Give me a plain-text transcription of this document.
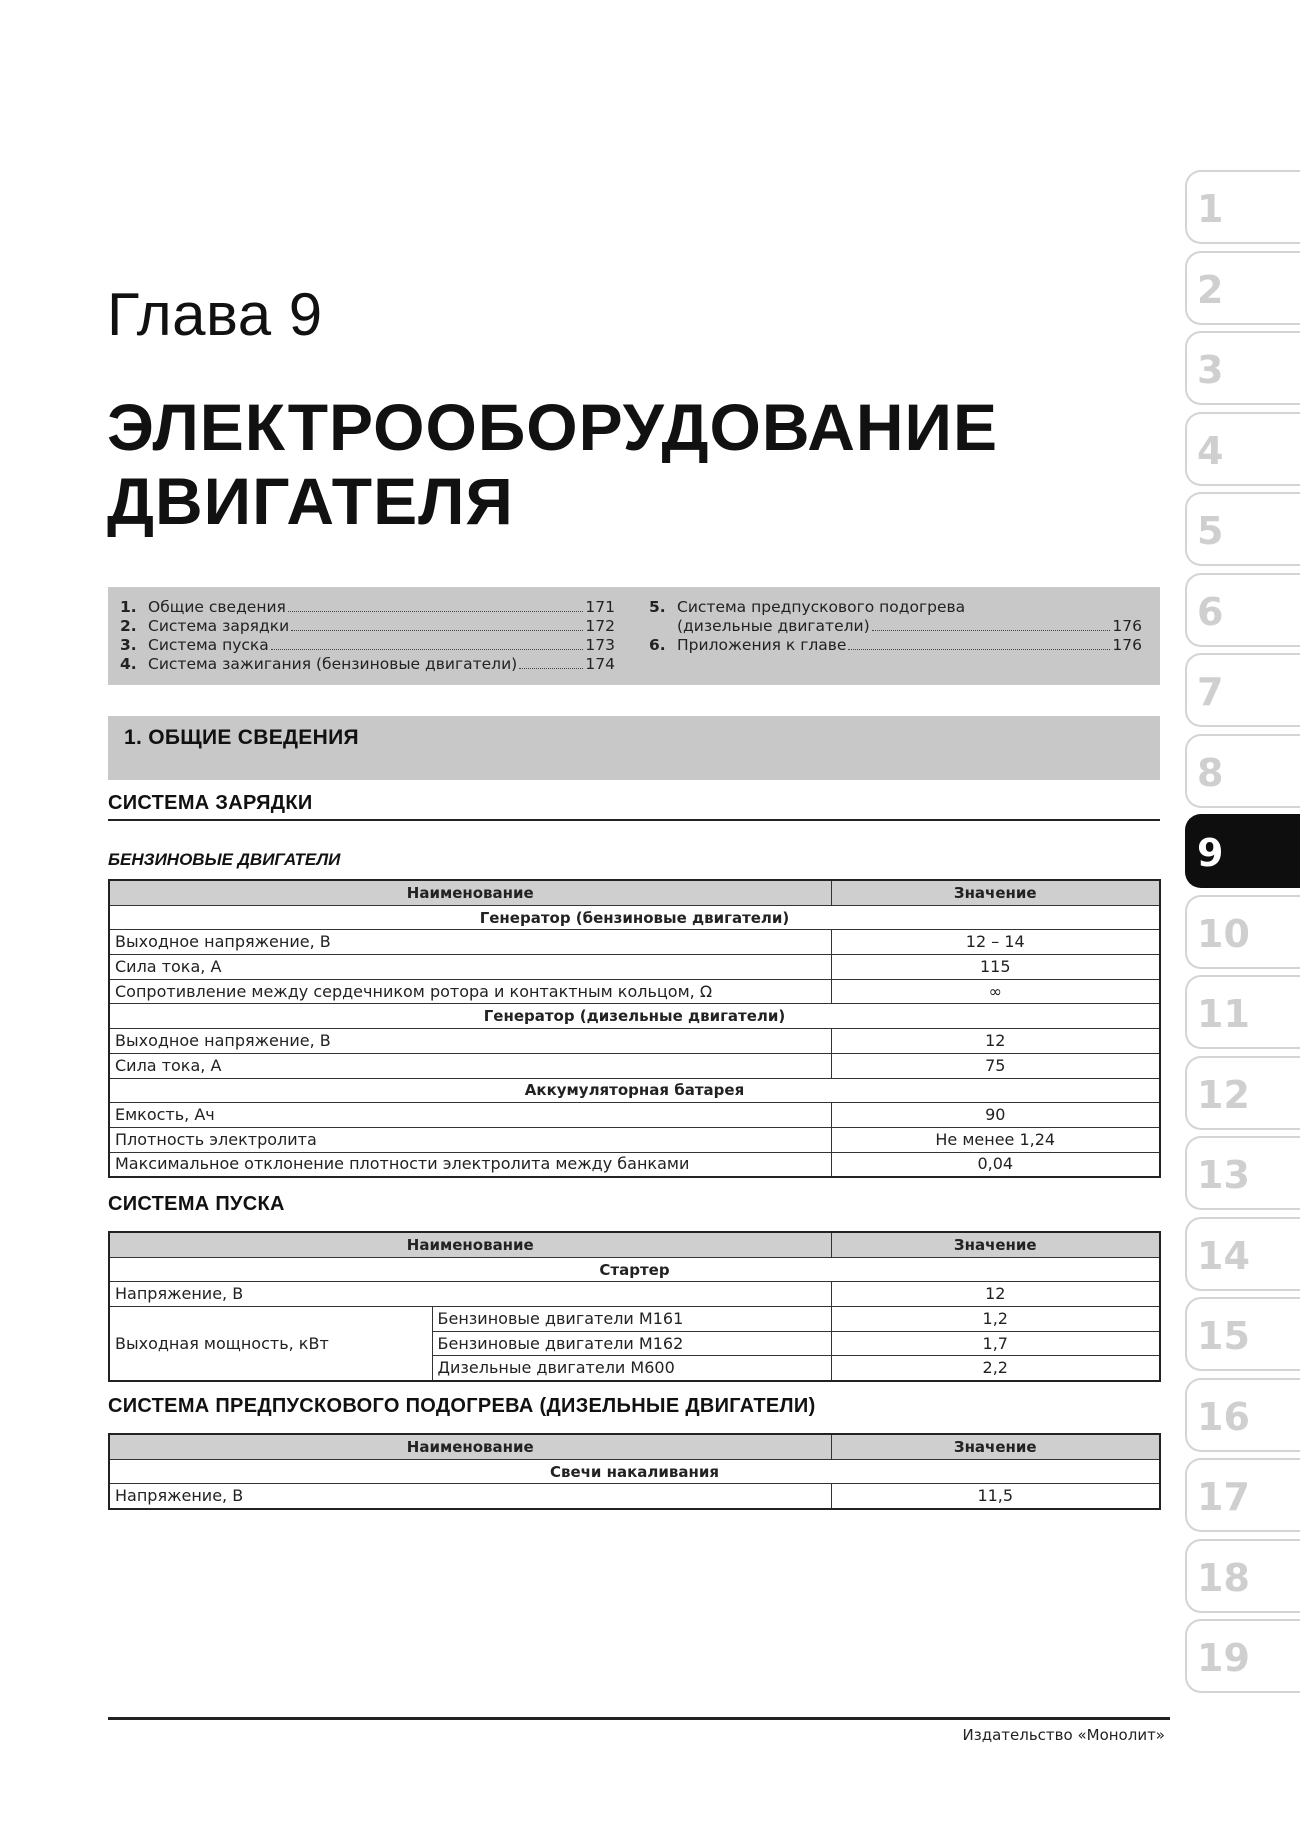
Глава 9
ЭЛЕКТРООБОРУДОВАНИЕ
ДВИГАТЕЛЯ
1. Общие сведения	171
2. Система зарядки	172
3. Система пуска	173
4. Система зажигания (бензиновые двигатели)	174
5. Система предпускового подогрева
(дизельные двигатели)	176
6. Приложения к главе	176
1. ОБЩИЕ СВЕДЕНИЯ
СИСТЕМА ЗАРЯДКИ
БЕНЗИНОВЫЕ ДВИГАТЕЛИ
Наименование	Значение
Генератор (бензиновые двигатели)	
Выходное напряжение, В	12 – 14
Сила тока, А	115
Сопротивление между сердечником ротора и контактным кольцом, Ω	∞
Генератор (дизельные двигатели)	
Выходное напряжение, В	12
Сила тока, А	75
Аккумуляторная батарея	
Емкость, Ач	90
Плотность электролита	Не менее 1,24
Максимальное отклонение плотности электролита между банками	0,04
СИСТЕМА ПУСКА
Наименование		Значение
Стартер		
Напряжение, В		12
Выходная мощность, кВт	Бензиновые двигатели М161	1,2
	Бензиновые двигатели М162	1,7
	Дизельные двигатели М600	2,2
СИСТЕМА ПРЕДПУСКОВОГО ПОДОГРЕВА (ДИЗЕЛЬНЫЕ ДВИГАТЕЛИ)
Наименование	Значение
Свечи накаливания	
Напряжение, В	11,5
1
2
3
4
5
6
7
8
9
10
11
12
13
14
15
16
17
18
19
Издательство «Монолит»
